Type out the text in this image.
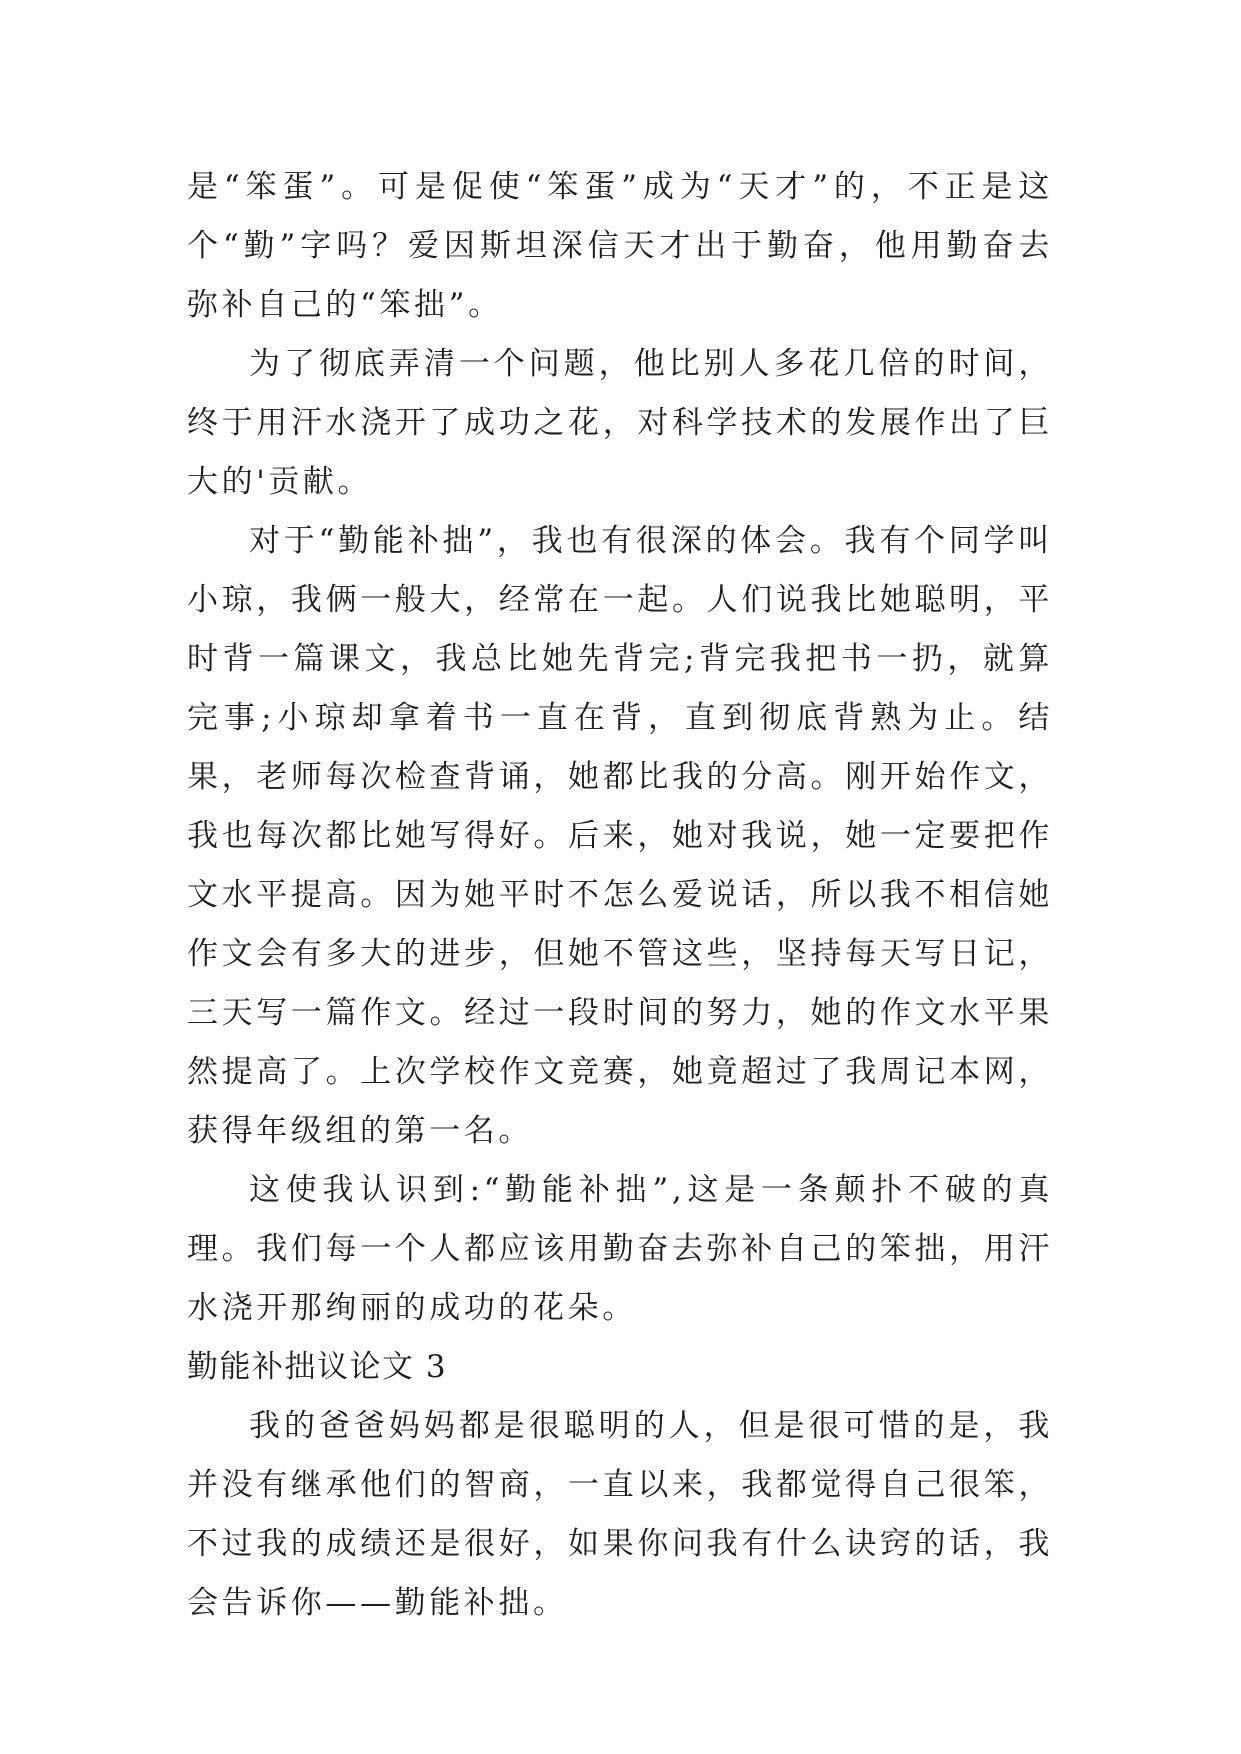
是“笨蛋”。可是促使“笨蛋”成为“天才”的，不正是这个“勤”字吗？爱因斯坦深信天才出于勤奋，他用勤奋去弥补自己的“笨拙”。

为了彻底弄清一个问题，他比别人多花几倍的时间，终于用汗水浇开了成功之花，对科学技术的发展作出了巨大的'贡献。

对于“勤能补拙”，我也有很深的体会。我有个同学叫小琼，我俩一般大，经常在一起。人们说我比她聪明，平时背一篇课文，我总比她先背完;背完我把书一扔，就算完事;小琼却拿着书一直在背，直到彻底背熟为止。结果，老师每次检查背诵，她都比我的分高。刚开始作文，我也每次都比她写得好。后来，她对我说，她一定要把作文水平提高。因为她平时不怎么爱说话，所以我不相信她作文会有多大的进步，但她不管这些，坚持每天写日记，三天写一篇作文。经过一段时间的努力，她的作文水平果然提高了。上次学校作文竞赛，她竟超过了我周记本网，获得年级组的第一名。

这使我认识到:“勤能补拙”,这是一条颠扑不破的真理。我们每一个人都应该用勤奋去弥补自己的笨拙，用汗水浇开那绚丽的成功的花朵。

勤能补拙议论文 3

我的爸爸妈妈都是很聪明的人，但是很可惜的是，我并没有继承他们的智商，一直以来，我都觉得自己很笨，不过我的成绩还是很好，如果你问我有什么诀窍的话，我会告诉你——勤能补拙。
